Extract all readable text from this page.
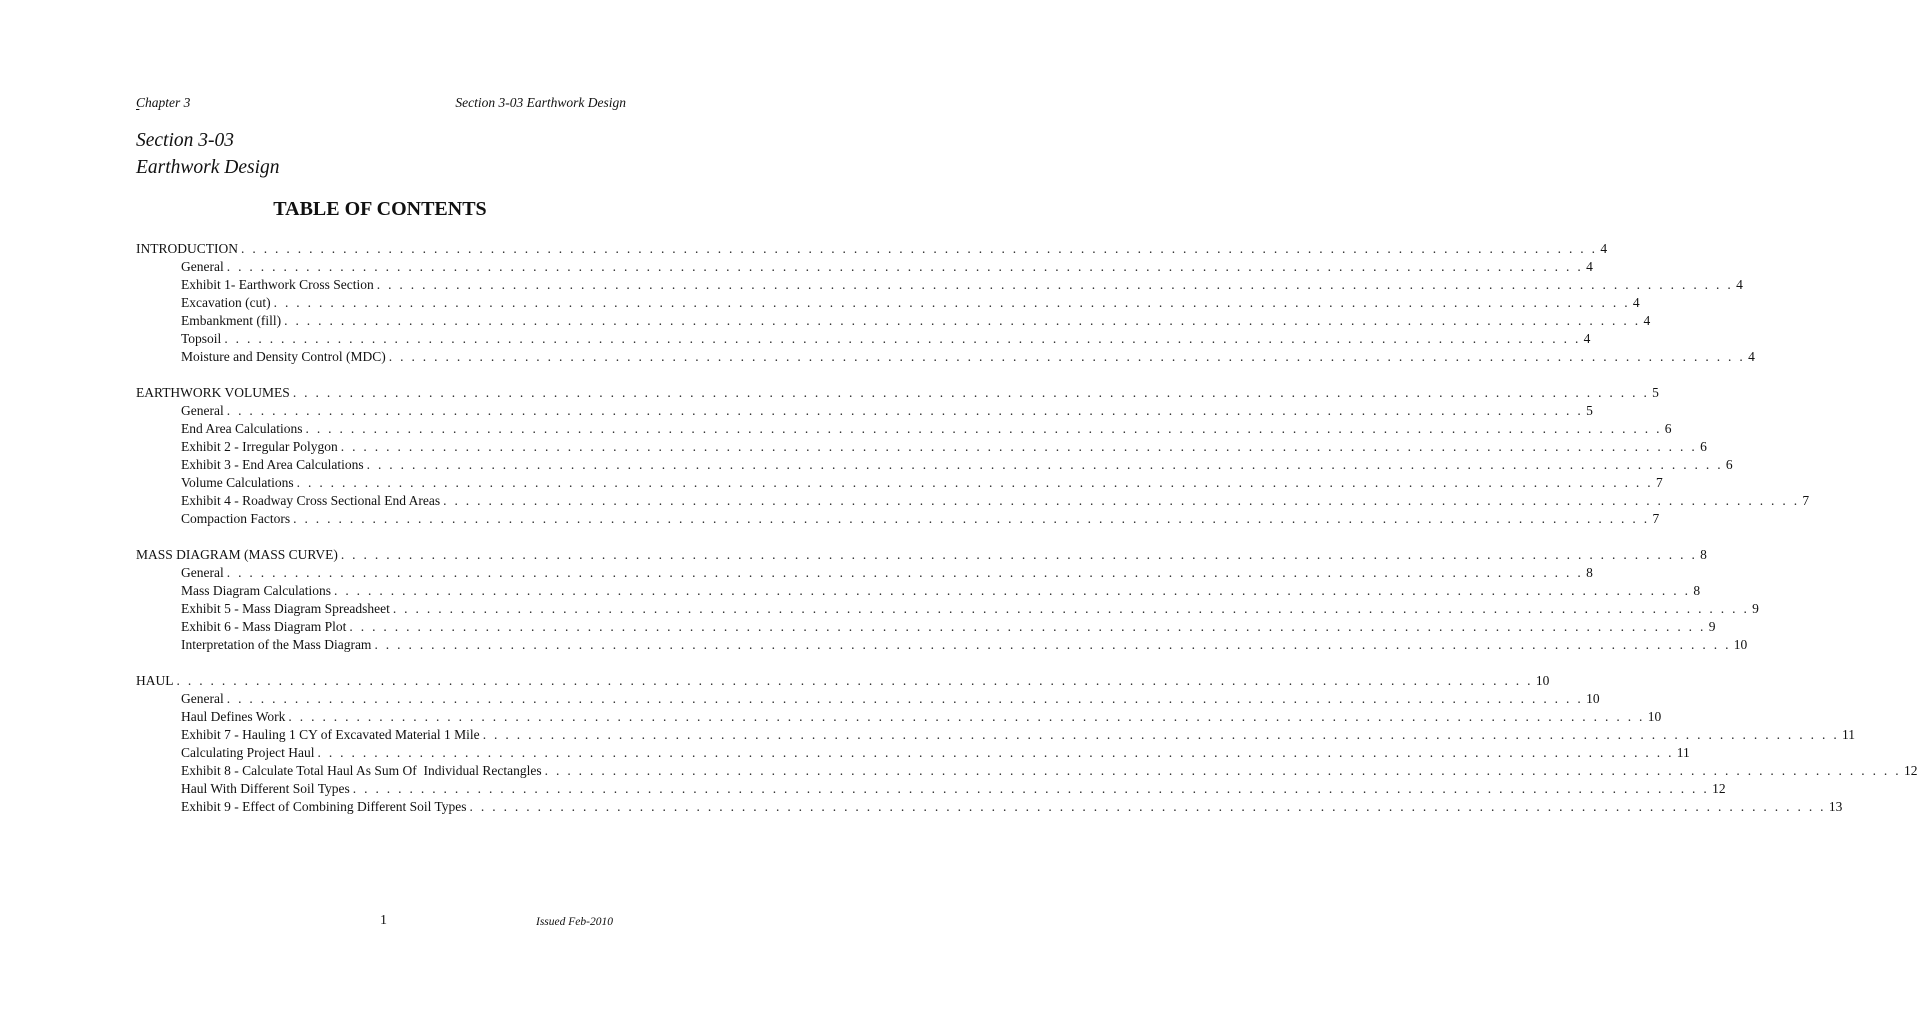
Chapter 3	Section 3-03 Earthwork Design

Section 3-03
Earthwork Design
TABLE OF CONTENTS
INTRODUCTION . . . . . . . . . . . . . . . . . . . . . . . . . . . . . . . . . . . . . . . . . . . . . . . . . . . . . . . . . . . . . . . . . . . . . . . . . . . . . . . . . . . . . . . . . . . . . . . . . . . . . . . . . . . . . . . . . . . . . . . . 4
General . . . . . . . . . . . . . . . . . . . . . . . . . . . . . . . . . . . . . . . . . . . . . . . . . . . . . . . . . . . . . . . . . . . . . . . . . . . . . . . . . . . . . . . . . . . . . . . . . . . . . . . . . . . . . . . . . . . . . . . . 4
Exhibit 1- Earthwork Cross Section . . . . . . . . . . . . . . . . . . . . . . . . . . . . . . . . . . . . . . . . . . . . . . . . . . . . . . . . . . . . . . . . . . . . . . . . . . . . . . . . . . . . . . . . . . . . . . . . . . . . . . . . . . . . . . . . . . . . . . . . 4
Excavation (cut) . . . . . . . . . . . . . . . . . . . . . . . . . . . . . . . . . . . . . . . . . . . . . . . . . . . . . . . . . . . . . . . . . . . . . . . . . . . . . . . . . . . . . . . . . . . . . . . . . . . . . . . . . . . . . . . . . . . . . . . . 4
Embankment (fill) . . . . . . . . . . . . . . . . . . . . . . . . . . . . . . . . . . . . . . . . . . . . . . . . . . . . . . . . . . . . . . . . . . . . . . . . . . . . . . . . . . . . . . . . . . . . . . . . . . . . . . . . . . . . . . . . . . . . . . . . 4
Topsoil . . . . . . . . . . . . . . . . . . . . . . . . . . . . . . . . . . . . . . . . . . . . . . . . . . . . . . . . . . . . . . . . . . . . . . . . . . . . . . . . . . . . . . . . . . . . . . . . . . . . . . . . . . . . . . . . . . . . . . . . 4
Moisture and Density Control (MDC) . . . . . . . . . . . . . . . . . . . . . . . . . . . . . . . . . . . . . . . . . . . . . . . . . . . . . . . . . . . . . . . . . . . . . . . . . . . . . . . . . . . . . . . . . . . . . . . . . . . . . . . . . . . . . . . . . . . . . . . . 4
EARTHWORK VOLUMES . . . . . . . . . . . . . . . . . . . . . . . . . . . . . . . . . . . . . . . . . . . . . . . . . . . . . . . . . . . . . . . . . . . . . . . . . . . . . . . . . . . . . . . . . . . . . . . . . . . . . . . . . . . . . . . . . . . . . . . . 5
General . . . . . . . . . . . . . . . . . . . . . . . . . . . . . . . . . . . . . . . . . . . . . . . . . . . . . . . . . . . . . . . . . . . . . . . . . . . . . . . . . . . . . . . . . . . . . . . . . . . . . . . . . . . . . . . . . . . . . . . . 5
End Area Calculations . . . . . . . . . . . . . . . . . . . . . . . . . . . . . . . . . . . . . . . . . . . . . . . . . . . . . . . . . . . . . . . . . . . . . . . . . . . . . . . . . . . . . . . . . . . . . . . . . . . . . . . . . . . . . . . . . . . . . . . . 6
Exhibit 2 - Irregular Polygon . . . . . . . . . . . . . . . . . . . . . . . . . . . . . . . . . . . . . . . . . . . . . . . . . . . . . . . . . . . . . . . . . . . . . . . . . . . . . . . . . . . . . . . . . . . . . . . . . . . . . . . . . . . . . . . . . . . . . . . . 6
Exhibit 3 - End Area Calculations . . . . . . . . . . . . . . . . . . . . . . . . . . . . . . . . . . . . . . . . . . . . . . . . . . . . . . . . . . . . . . . . . . . . . . . . . . . . . . . . . . . . . . . . . . . . . . . . . . . . . . . . . . . . . . . . . . . . . . . . 6
Volume Calculations . . . . . . . . . . . . . . . . . . . . . . . . . . . . . . . . . . . . . . . . . . . . . . . . . . . . . . . . . . . . . . . . . . . . . . . . . . . . . . . . . . . . . . . . . . . . . . . . . . . . . . . . . . . . . . . . . . . . . . . . 7
Exhibit 4 - Roadway Cross Sectional End Areas . . . . . . . . . . . . . . . . . . . . . . . . . . . . . . . . . . . . . . . . . . . . . . . . . . . . . . . . . . . . . . . . . . . . . . . . . . . . . . . . . . . . . . . . . . . . . . . . . . . . . . . . . . . . . . . . . . . . . . . . 7
Compaction Factors . . . . . . . . . . . . . . . . . . . . . . . . . . . . . . . . . . . . . . . . . . . . . . . . . . . . . . . . . . . . . . . . . . . . . . . . . . . . . . . . . . . . . . . . . . . . . . . . . . . . . . . . . . . . . . . . . . . . . . . . 7
MASS DIAGRAM (MASS CURVE) . . . . . . . . . . . . . . . . . . . . . . . . . . . . . . . . . . . . . . . . . . . . . . . . . . . . . . . . . . . . . . . . . . . . . . . . . . . . . . . . . . . . . . . . . . . . . . . . . . . . . . . . . . . . . . . . . . . . . . . . 8
General . . . . . . . . . . . . . . . . . . . . . . . . . . . . . . . . . . . . . . . . . . . . . . . . . . . . . . . . . . . . . . . . . . . . . . . . . . . . . . . . . . . . . . . . . . . . . . . . . . . . . . . . . . . . . . . . . . . . . . . . 8
Mass Diagram Calculations . . . . . . . . . . . . . . . . . . . . . . . . . . . . . . . . . . . . . . . . . . . . . . . . . . . . . . . . . . . . . . . . . . . . . . . . . . . . . . . . . . . . . . . . . . . . . . . . . . . . . . . . . . . . . . . . . . . . . . . . 8
Exhibit 5 - Mass Diagram Spreadsheet . . . . . . . . . . . . . . . . . . . . . . . . . . . . . . . . . . . . . . . . . . . . . . . . . . . . . . . . . . . . . . . . . . . . . . . . . . . . . . . . . . . . . . . . . . . . . . . . . . . . . . . . . . . . . . . . . . . . . . . . 9
Exhibit 6 - Mass Diagram Plot . . . . . . . . . . . . . . . . . . . . . . . . . . . . . . . . . . . . . . . . . . . . . . . . . . . . . . . . . . . . . . . . . . . . . . . . . . . . . . . . . . . . . . . . . . . . . . . . . . . . . . . . . . . . . . . . . . . . . . . . 9
Interpretation of the Mass Diagram . . . . . . . . . . . . . . . . . . . . . . . . . . . . . . . . . . . . . . . . . . . . . . . . . . . . . . . . . . . . . . . . . . . . . . . . . . . . . . . . . . . . . . . . . . . . . . . . . . . . . . . . . . . . . . . . . . . . . . . . 10
HAUL . . . . . . . . . . . . . . . . . . . . . . . . . . . . . . . . . . . . . . . . . . . . . . . . . . . . . . . . . . . . . . . . . . . . . . . . . . . . . . . . . . . . . . . . . . . . . . . . . . . . . . . . . . . . . . . . . . . . . . . . 10
General . . . . . . . . . . . . . . . . . . . . . . . . . . . . . . . . . . . . . . . . . . . . . . . . . . . . . . . . . . . . . . . . . . . . . . . . . . . . . . . . . . . . . . . . . . . . . . . . . . . . . . . . . . . . . . . . . . . . . . . . 10
Haul Defines Work . . . . . . . . . . . . . . . . . . . . . . . . . . . . . . . . . . . . . . . . . . . . . . . . . . . . . . . . . . . . . . . . . . . . . . . . . . . . . . . . . . . . . . . . . . . . . . . . . . . . . . . . . . . . . . . . . . . . . . . . 10
Exhibit 7 - Hauling 1 CY of Excavated Material 1 Mile . . . . . . . . . . . . . . . . . . . . . . . . . . . . . . . . . . . . . . . . . . . . . . . . . . . . . . . . . . . . . . . . . . . . . . . . . . . . . . . . . . . . . . . . . . . . . . . . . . . . . . . . . . . . . . . . . . . . . . . . 11
Calculating Project Haul . . . . . . . . . . . . . . . . . . . . . . . . . . . . . . . . . . . . . . . . . . . . . . . . . . . . . . . . . . . . . . . . . . . . . . . . . . . . . . . . . . . . . . . . . . . . . . . . . . . . . . . . . . . . . . . . . . . . . . . . 11
Exhibit 8 - Calculate Total Haul As Sum Of  Individual Rectangles . . . . . . . . . . . . . . . . . . . . . . . . . . . . . . . . . . . . . . . . . . . . . . . . . . . . . . . . . . . . . . . . . . . . . . . . . . . . . . . . . . . . . . . . . . . . . . . . . . . . . . . . . . . . . . . . . . . . . . . . 12
Haul With Different Soil Types . . . . . . . . . . . . . . . . . . . . . . . . . . . . . . . . . . . . . . . . . . . . . . . . . . . . . . . . . . . . . . . . . . . . . . . . . . . . . . . . . . . . . . . . . . . . . . . . . . . . . . . . . . . . . . . . . . . . . . . . 12
Exhibit 9 - Effect of Combining Different Soil Types . . . . . . . . . . . . . . . . . . . . . . . . . . . . . . . . . . . . . . . . . . . . . . . . . . . . . . . . . . . . . . . . . . . . . . . . . . . . . . . . . . . . . . . . . . . . . . . . . . . . . . . . . . . . . . . . . . . . . . . . 13
1	Issued Feb-2010
